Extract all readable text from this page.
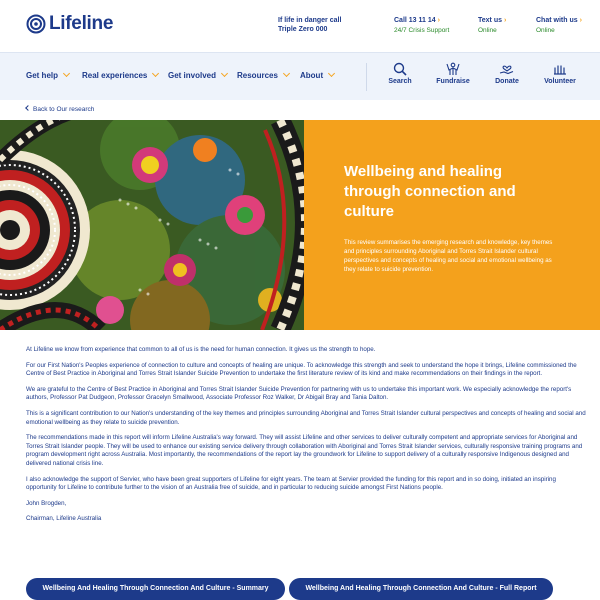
Lifeline	If life in danger call
Triple Zero 000
Call 13 11 14 ›
24/7 Crisis Support
Text us ›
Online
Chat with us ›
Online
Get help	Real experiences	Get involved	Resources	About
Search	Fundraise	Donate	Volunteer
Back to Our research
Wellbeing and healing through connection and culture

This review summarises the emerging research and knowledge, key themes and principles surrounding Aboriginal and Torres Strait Islander cultural perspectives and concepts of healing and social and emotional wellbeing as they relate to suicide prevention.

At Lifeline we know from experience that common to all of us is the need for human connection. It gives us the strength to hope.

For our First Nation's Peoples experience of connection to culture and concepts of healing are unique. To acknowledge this strength and seek to understand the hope it brings, Lifeline commissioned the Centre of Best Practice in Aboriginal and Torres Strait Islander Suicide Prevention to undertake the first literature review of its kind and make recommendations on their findings in the report.

We are grateful to the Centre of Best Practice in Aboriginal and Torres Strait Islander Suicide Prevention for partnering with us to undertake this important work. We especially acknowledge the report's authors, Professor Pat Dudgeon, Professor Gracelyn Smallwood, Associate Professor Roz Walker, Dr Abigail Bray and Tania Dalton.

This is a significant contribution to our Nation's understanding of the key themes and principles surrounding Aboriginal and Torres Strait Islander cultural perspectives and concepts of healing and social and emotional wellbeing as they relate to suicide prevention.

The recommendations made in this report will inform Lifeline Australia's way forward. They will assist Lifeline and other services to deliver culturally competent and appropriate services for Aboriginal and Torres Strait Islander people. They will be used to enhance our existing service delivery through collaboration with Aboriginal and Torres Strait Islander services, culturally responsive training programs and program development right across Australia. Most importantly, the recommendations of the report lay the groundwork for Lifeline to support delivery of a culturally responsive Indigenous designed and delivered national crisis line.

I also acknowledge the support of Servier, who have been great supporters of Lifeline for eight years. The team at Servier provided the funding for this report and in so doing, initiated an inspiring opportunity for Lifeline to contribute further to the vision of an Australia free of suicide, and in particular to reducing suicide amongst First Nations people.

John Brogden,

Chairman, Lifeline Australia

Wellbeing And Healing Through Connection And Culture - Summary	Wellbeing And Healing Through Connection And Culture - Full Report
